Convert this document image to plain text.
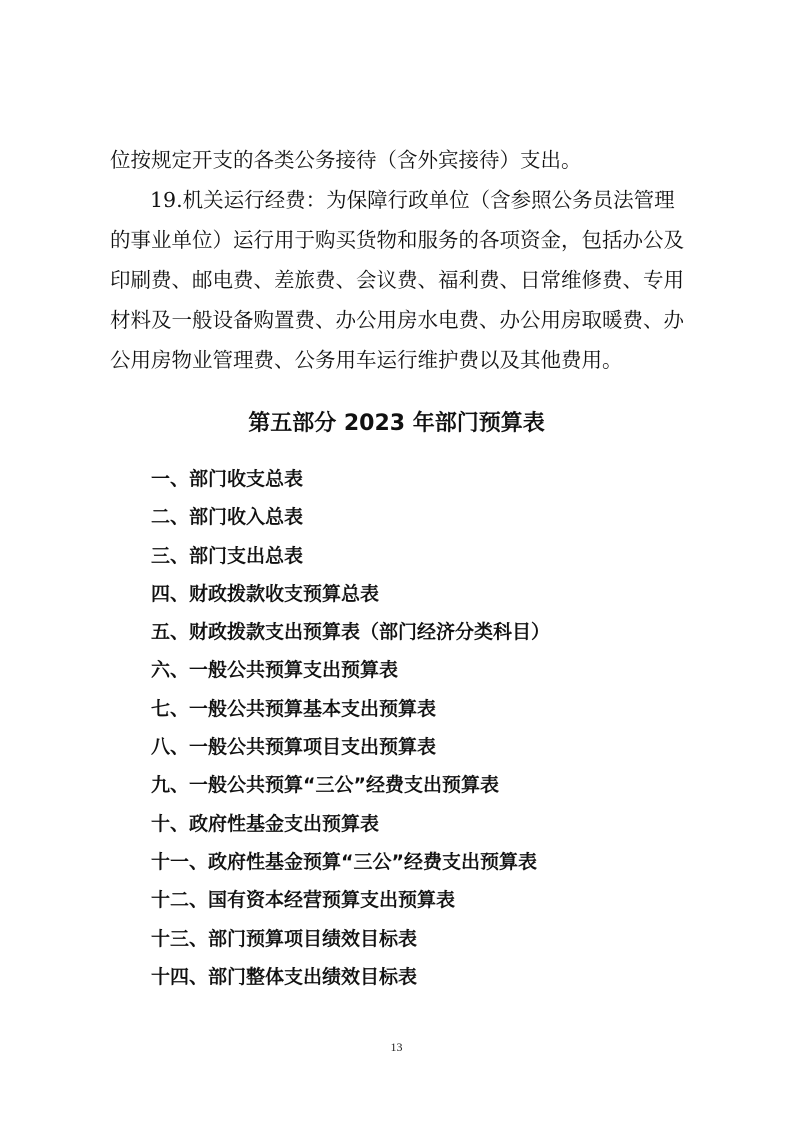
位按规定开支的各类公务接待（含外宾接待）支出。

19.机关运行经费：为保障行政单位（含参照公务员法管理
的事业单位）运行用于购买货物和服务的各项资金，包括办公及
印刷费、邮电费、差旅费、会议费、福利费、日常维修费、专用
材料及一般设备购置费、办公用房水电费、办公用房取暖费、办
公用房物业管理费、公务用车运行维护费以及其他费用。

第五部分 2023 年部门预算表
一、部门收支总表
二、部门收入总表
三、部门支出总表
四、财政拨款收支预算总表
五、财政拨款支出预算表（部门经济分类科目）
六、一般公共预算支出预算表
七、一般公共预算基本支出预算表
八、一般公共预算项目支出预算表
九、一般公共预算“三公”经费支出预算表
十、政府性基金支出预算表
十一、政府性基金预算“三公”经费支出预算表
十二、国有资本经营预算支出预算表
十三、部门预算项目绩效目标表
十四、部门整体支出绩效目标表

13
